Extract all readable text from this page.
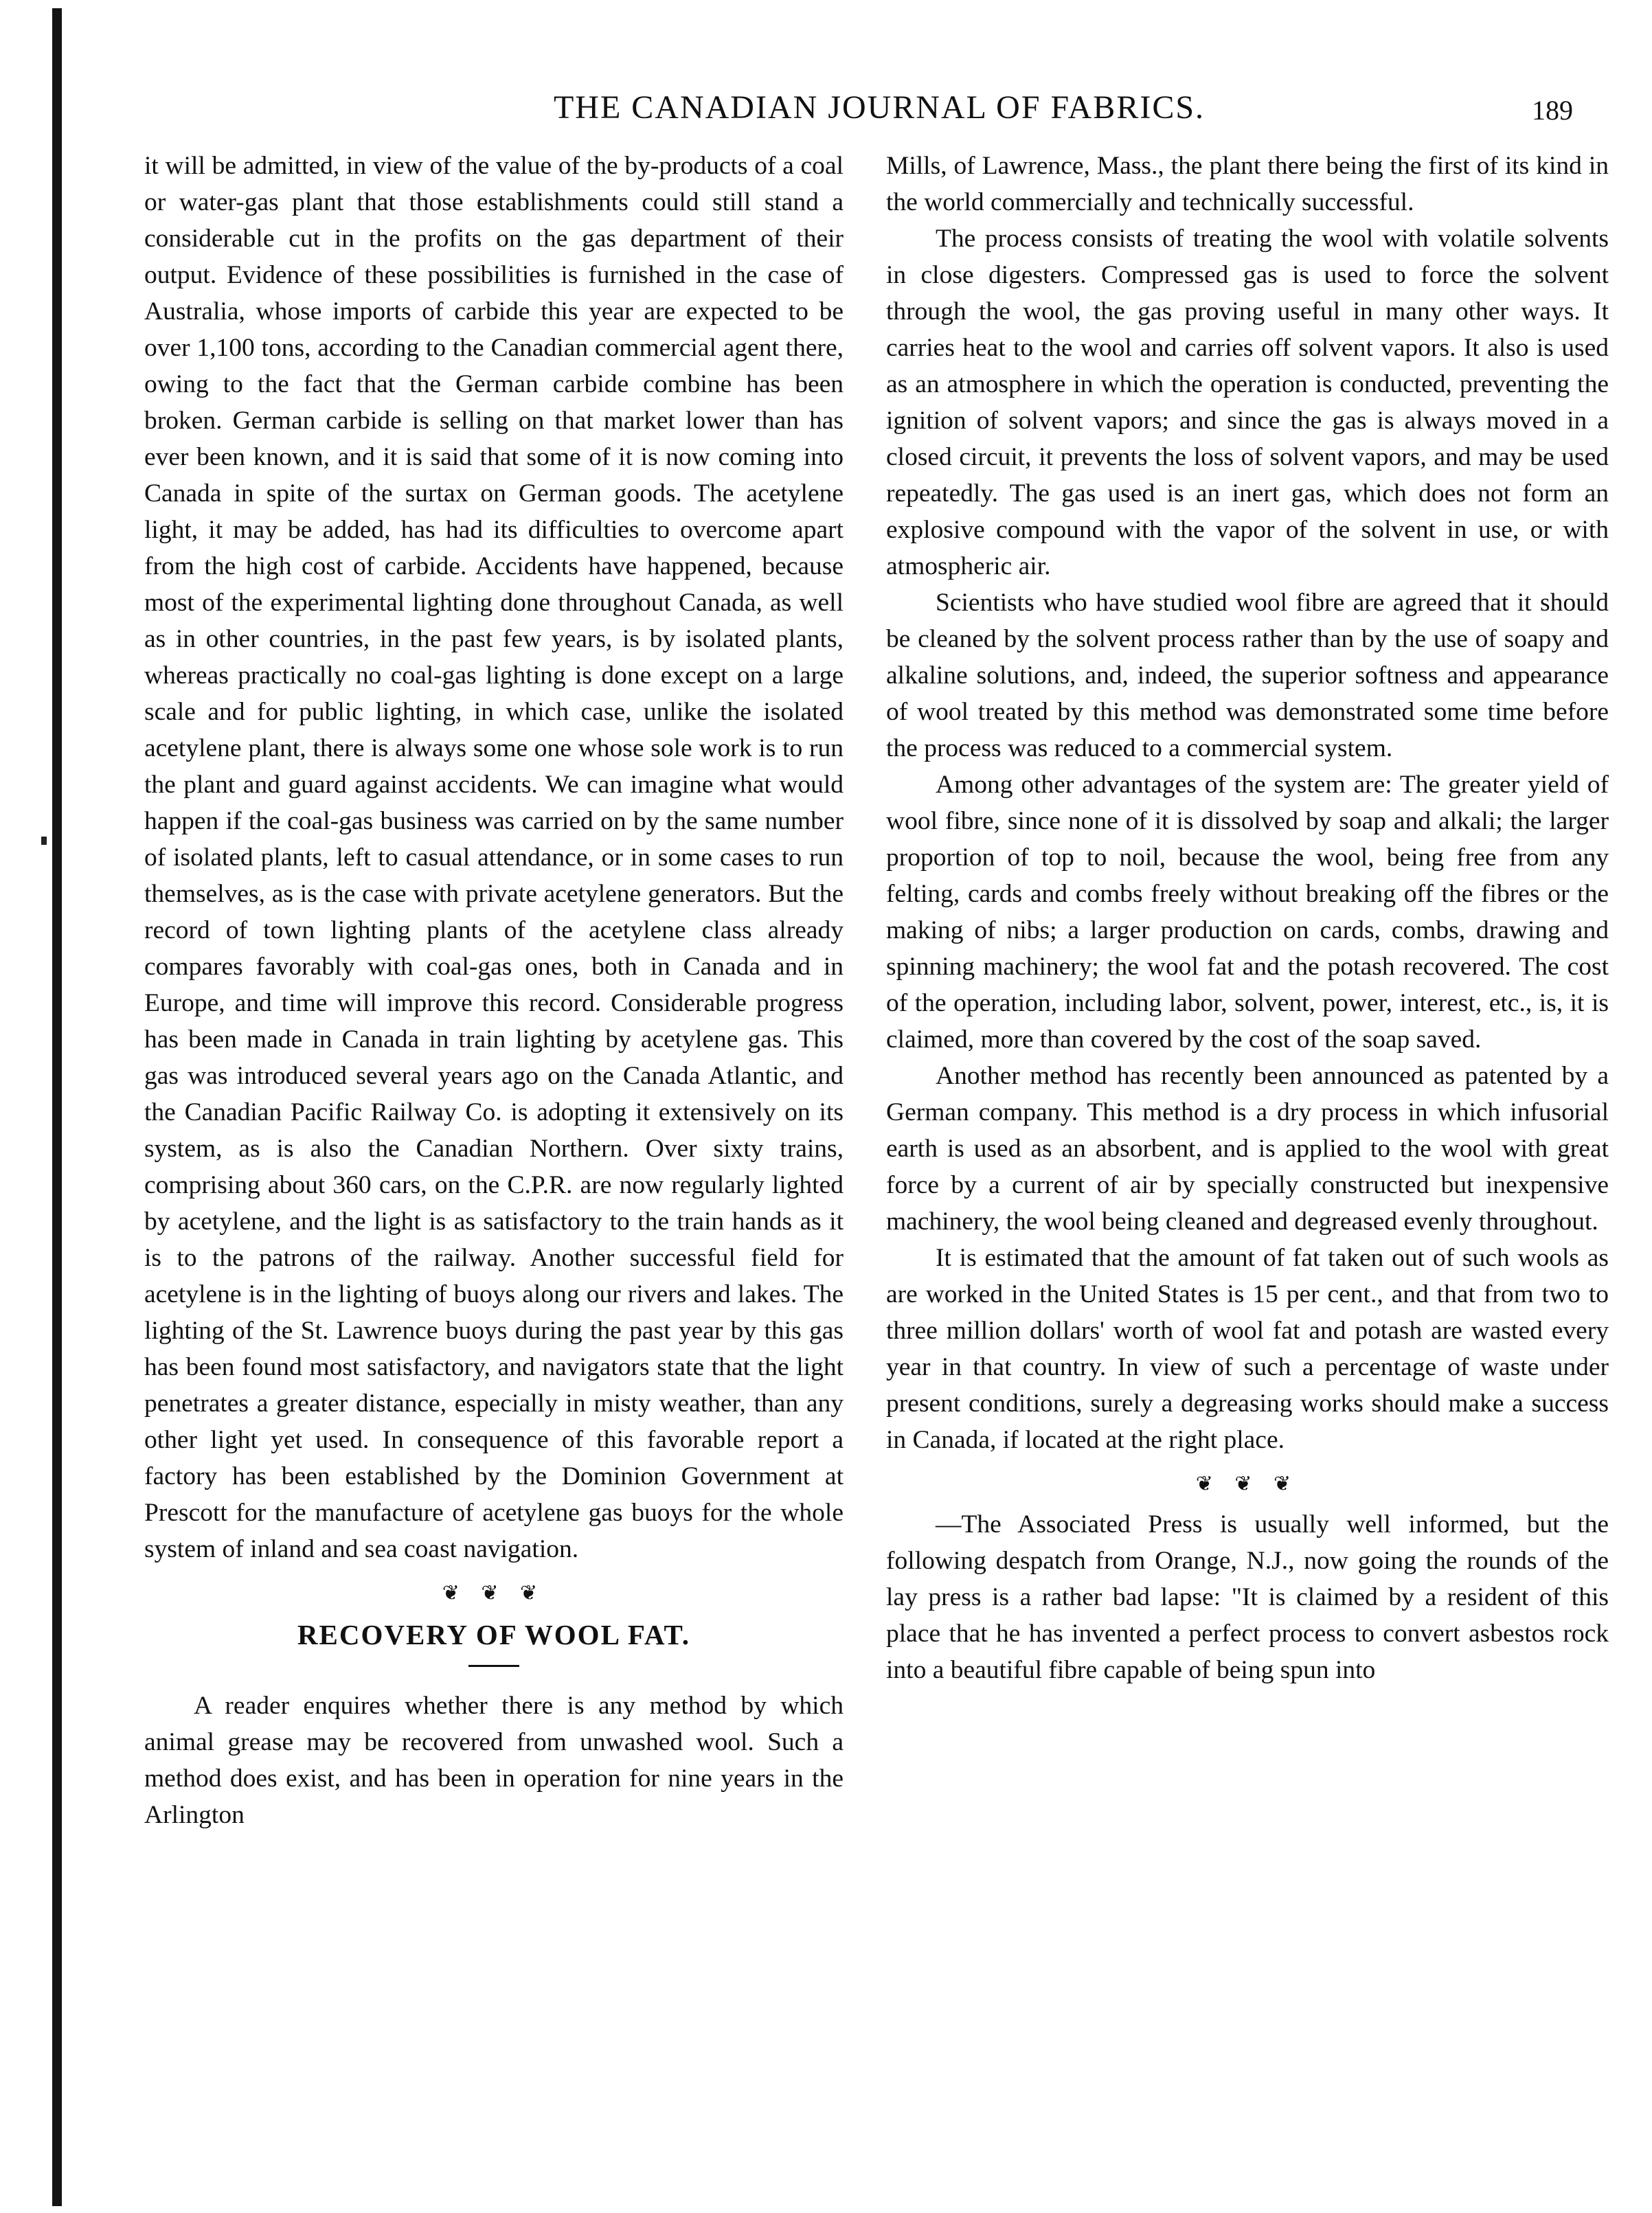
THE CANADIAN JOURNAL OF FABRICS.	189

it will be admitted, in view of the value of the by-products of a coal or water-gas plant that those establishments could still stand a considerable cut in the profits on the gas department of their output. Evidence of these possibilities is furnished in the case of Australia, whose imports of carbide this year are expected to be over 1,100 tons, according to the Canadian commercial agent there, owing to the fact that the German carbide combine has been broken. German carbide is selling on that market lower than has ever been known, and it is said that some of it is now coming into Canada in spite of the surtax on German goods. The acetylene light, it may be added, has had its difficulties to overcome apart from the high cost of carbide. Accidents have happened, because most of the experimental lighting done throughout Canada, as well as in other countries, in the past few years, is by isolated plants, whereas practically no coal-gas lighting is done except on a large scale and for public lighting, in which case, unlike the isolated acetylene plant, there is always some one whose sole work is to run the plant and guard against accidents. We can imagine what would happen if the coal-gas business was carried on by the same number of isolated plants, left to casual attendance, or in some cases to run themselves, as is the case with private acetylene generators. But the record of town lighting plants of the acetylene class already compares favorably with coal-gas ones, both in Canada and in Europe, and time will improve this record. Considerable progress has been made in Canada in train lighting by acetylene gas. This gas was introduced several years ago on the Canada Atlantic, and the Canadian Pacific Railway Co. is adopting it extensively on its system, as is also the Canadian Northern. Over sixty trains, comprising about 360 cars, on the C.P.R. are now regularly lighted by acetylene, and the light is as satisfactory to the train hands as it is to the patrons of the railway. Another successful field for acetylene is in the lighting of buoys along our rivers and lakes. The lighting of the St. Lawrence buoys during the past year by this gas has been found most satisfactory, and navigators state that the light penetrates a greater distance, especially in misty weather, than any other light yet used. In consequence of this favorable report a factory has been established by the Dominion Government at Prescott for the manufacture of acetylene gas buoys for the whole system of inland and sea coast navigation.

❦ ❦ ❦
RECOVERY OF WOOL FAT.

A reader enquires whether there is any method by which animal grease may be recovered from unwashed wool. Such a method does exist, and has been in operation for nine years in the Arlington

Mills, of Lawrence, Mass., the plant there being the first of its kind in the world commercially and technically successful.

The process consists of treating the wool with volatile solvents in close digesters. Compressed gas is used to force the solvent through the wool, the gas proving useful in many other ways. It carries heat to the wool and carries off solvent vapors. It also is used as an atmosphere in which the operation is conducted, preventing the ignition of solvent vapors; and since the gas is always moved in a closed circuit, it prevents the loss of solvent vapors, and may be used repeatedly. The gas used is an inert gas, which does not form an explosive compound with the vapor of the solvent in use, or with atmospheric air.

Scientists who have studied wool fibre are agreed that it should be cleaned by the solvent process rather than by the use of soapy and alkaline solutions, and, indeed, the superior softness and appearance of wool treated by this method was demonstrated some time before the process was reduced to a commercial system.

Among other advantages of the system are: The greater yield of wool fibre, since none of it is dissolved by soap and alkali; the larger proportion of top to noil, because the wool, being free from any felting, cards and combs freely without breaking off the fibres or the making of nibs; a larger production on cards, combs, drawing and spinning machinery; the wool fat and the potash recovered. The cost of the operation, including labor, solvent, power, interest, etc., is, it is claimed, more than covered by the cost of the soap saved.

Another method has recently been announced as patented by a German company. This method is a dry process in which infusorial earth is used as an absorbent, and is applied to the wool with great force by a current of air by specially constructed but inexpensive machinery, the wool being cleaned and degreased evenly throughout.

It is estimated that the amount of fat taken out of such wools as are worked in the United States is 15 per cent., and that from two to three million dollars' worth of wool fat and potash are wasted every year in that country. In view of such a percentage of waste under present conditions, surely a degreasing works should make a success in Canada, if located at the right place.

❦ ❦ ❦

—The Associated Press is usually well informed, but the following despatch from Orange, N.J., now going the rounds of the lay press is a rather bad lapse: "It is claimed by a resident of this place that he has invented a perfect process to convert asbestos rock into a beautiful fibre capable of being spun into
